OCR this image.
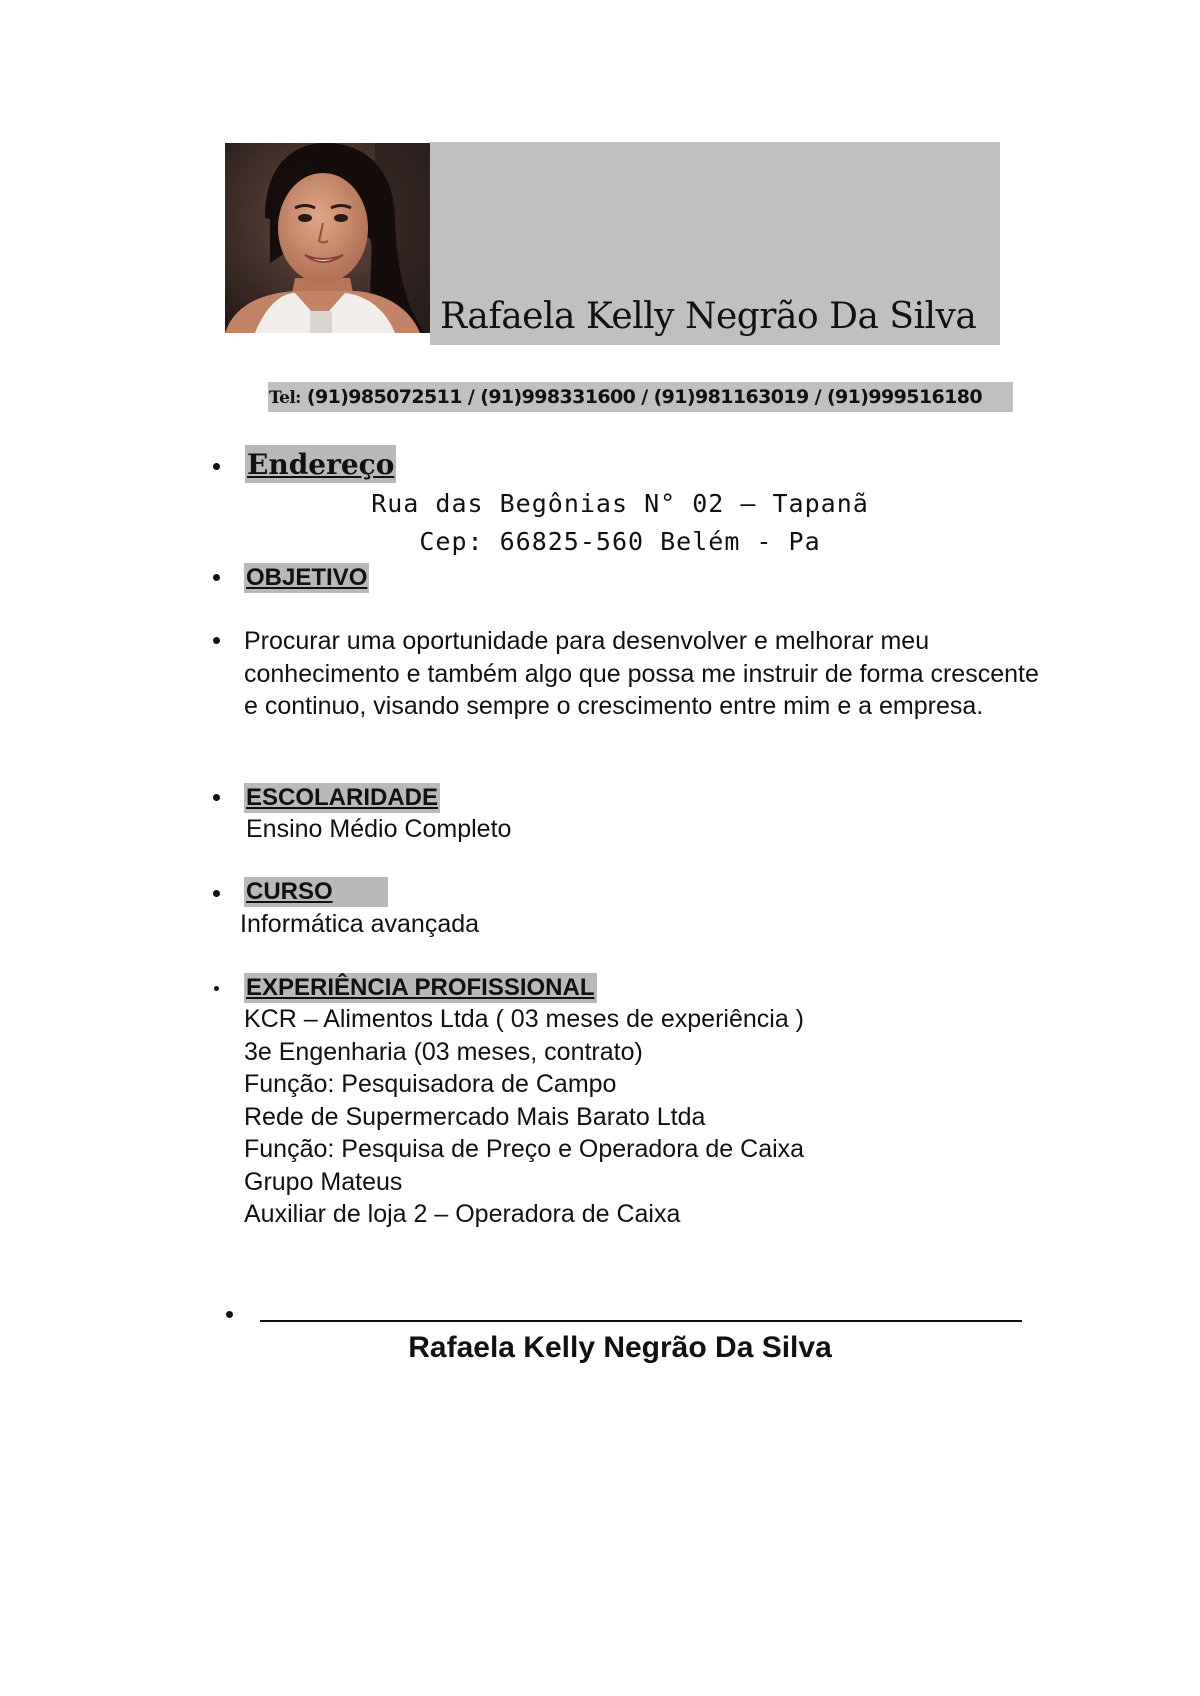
Rafaela Kelly Negrão Da Silva
Tel: (91)985072511 / (91)998331600 / (91)981163019 / (91)999516180
Endereço
Rua das Begônias N° 02 – Tapanã
Cep: 66825-560 Belém - Pa
OBJETIVO
Procurar uma oportunidade para desenvolver e melhorar meu conhecimento e também algo que possa me instruir de forma crescente e continuo, visando sempre o crescimento entre mim e a empresa.
ESCOLARIDADE
Ensino Médio Completo
CURSO
Informática avançada
EXPERIÊNCIA PROFISSIONAL
KCR – Alimentos Ltda ( 03 meses de experiência )
3e Engenharia (03 meses, contrato)
Função: Pesquisadora de Campo
Rede de Supermercado Mais Barato Ltda
Função: Pesquisa de Preço e Operadora de Caixa
Grupo Mateus
Auxiliar de loja 2 – Operadora de Caixa
Rafaela Kelly Negrão Da Silva
